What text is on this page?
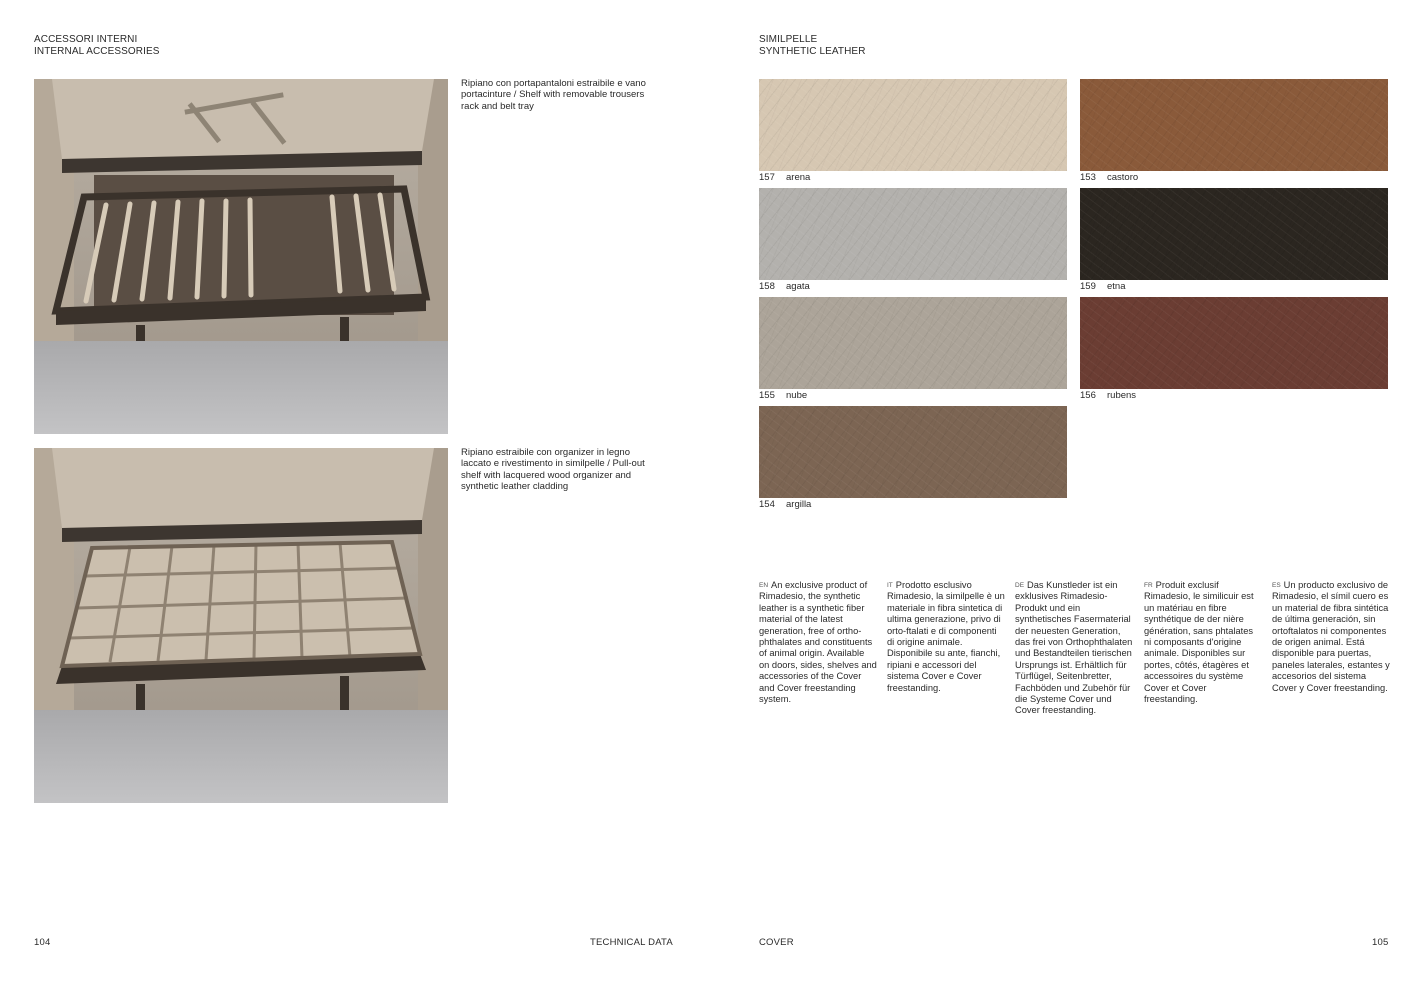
ACCESSORI INTERNI
INTERNAL ACCESSORIES
Ripiano con portapantaloni estraibile e vano portacinture / Shelf with removable trousers rack and belt tray
Ripiano estraibile con organizer in legno laccato e rivestimento in similpelle / Pull-out shelf with lacquered wood organizer and synthetic leather cladding
104	TECHNICAL DATA
SIMILPELLE
SYNTHETIC LEATHER
157 arena	153 castoro
158 agata	159 etna
155 nube	156 rubens
154 argilla
$^{EN}$ An exclusive product of Rimadesio, the synthetic leather is a synthetic fiber material of the latest generation, free of ortho-phthalates and constituents of animal origin. Available on doors, sides, shelves and accessories of the Cover and Cover freestanding system.
$^{IT}$ Prodotto esclusivo Rimadesio, la similpelle è un materiale in fibra sintetica di ultima generazione, privo di orto-ftalati e di componenti di origine animale. Disponibile su ante, fianchi, ripiani e accessori del sistema Cover e Cover freestanding.
$^{DE}$ Das Kunstleder ist ein exklusives Rimadesio-Produkt und ein synthetisches Fasermaterial der neuesten Generation, das frei von Orthophthalaten und Bestandteilen tierischen Ursprungs ist. Erhältlich für Türflügel, Seitenbretter, Fachböden und Zubehör für die Systeme Cover und Cover freestanding.
$^{FR}$ Produit exclusif Rimadesio, le similicuir est un matériau en fibre synthétique de der nière génération, sans phtalates ni composants d'origine animale. Disponibles sur portes, côtés, étagères et accessoires du système Cover et Cover freestanding.
$^{ES}$ Un producto exclusivo de Rimadesio, el símil cuero es un material de fibra sintética de última generación, sin ortoftalatos ni componentes de origen animal. Está disponible para puertas, paneles laterales, estantes y accesorios del sistema Cover y Cover freestanding.
COVER	105
